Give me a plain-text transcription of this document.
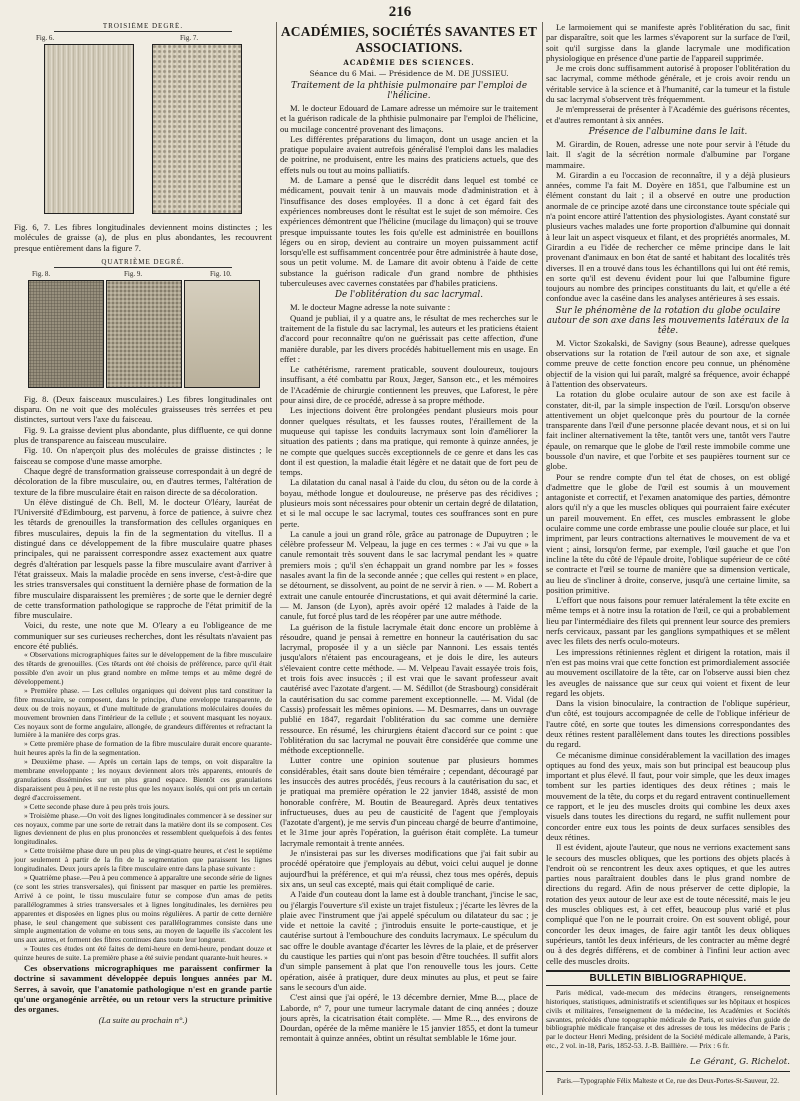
216
TROISIÈME DEGRÉ.
Fig. 6.	Fig. 7.

Fig. 6, 7. Les fibres longitudinales deviennent moins distinctes ; les molécules de graisse (a), de plus en plus abondantes, les recouvrent presque entièrement dans la figure 7.

QUATRIÈME DEGRÉ.
Fig. 8.	Fig. 9.	Fig. 10.

Fig. 8. (Deux faisceaux musculaires.) Les fibres longitudinales ont disparu. On ne voit que des molécules graisseuses très serrées et peu distinctes, surtout vers l'axe du faisceau.

Fig. 9. La graisse devient plus abondante, plus diffluente, ce qui donne plus de transparence au faisceau musculaire.

Fig. 10. On n'aperçoit plus des molécules de graisse distinctes ; le faisceau se compose d'une masse amorphe.

Chaque degré de transformation graisseuse correspondait à un degré de décoloration de la fibre musculaire, ou, en d'autres termes, l'altération de texture de la fibre musculaire était en raison directe de sa décoloration.

Un élève distingué de Ch. Bell, M. le docteur O'léary, lauréat de l'Université d'Edimbourg, est parvenu, à force de patience, à suivre chez les têtards de grenouilles la transformation des cellules organiques en fibres musculaires, depuis la fin de la segmentation du vitellus. Il a distingué dans ce développement de la fibre musculaire quatre phases principales, qui ne paraissent correspondre assez exactement aux quatre degrés d'altération par lesquels passe la fibre musculaire avant d'arriver à l'état graisseux. Mais la maladie procède en sens inverse, c'est-à-dire que les stries transversales qui constituent la dernière phase de formation de la fibre musculaire disparaissent les premières ; de sorte que le dernier degré de cette transformation pathologique se rapproche de l'état primitif de la fibre musculaire.

Voici, du reste, une note que M. O'leary a eu l'obligeance de me communiquer sur ses curieuses recherches, dont les résultats n'avaient pas encore été publiés.

« Observations micrographiques faites sur le développement de la fibre musculaire des têtards de grenouilles. (Ces têtards ont été choisis de préférence, parce qu'il était possible d'en avoir un plus grand nombre en même temps et au même degré de développement.)

» Première phase. — Les cellules organiques qui doivent plus tard constituer la fibre musculaire, se composent, dans le principe, d'une enveloppe transparente, de deux ou de trois noyaux, et d'une multitude de granulations moléculaires douées du mouvement brownien dans l'intérieur de la cellule ; et souvent masquant les noyaux. Ces noyaux sont de forme angulaire, allongée, de grandeurs différentes et refractant la lumière à la manière des corps gras.

» Cette première phase de formation de la fibre musculaire durait encore quarante-huit heures après la fin de la segmentation.

» Deuxième phase. — Après un certain laps de temps, on voit disparaître la membrane enveloppante ; les noyaux deviennent alors très apparents, entourés de granulations disséminées sur un plus grand espace. Bientôt ces granulations disparaissent peu à peu, et il ne reste plus que les noyaux isolés, qui ont pris un certain degré d'accroissement.

» Cette seconde phase dure à peu près trois jours.

» Troisième phase.—On voit des lignes longitudinales commencer à se dessiner sur ces noyaux, comme par une sorte de retrait dans la matière dont ils se composent. Ces lignes deviennent de plus en plus prononcées et ressemblent quelquefois à des fentes longitudinales.

» Cette troisième phase dure un peu plus de vingt-quatre heures, et c'est le septième jour seulement à partir de la fin de la segmentation que paraissent les lignes longitudinales. Deux jours après la fibre musculaire entre dans la phase suivante :

» Quatrième phase.—Peu à peu commence à apparaître une seconde série de lignes (ce sont les stries transversales), qui finissent par masquer en partie les premières. Arrivé à ce point, le tissu musculaire futur se compose d'un amas de petits parallélogrammes à stries transversales et à lignes longitudinales, les dernières peu apparentes et disposées en lignes plus ou moins régulières. A partir de cette dernière phase, le seul changement que subissent ces parallélogrammes consiste dans une simple augmentation de volume en tous sens, au moyen de laquelle ils s'accolent les uns aux autres, et forment des fibres continues dans toute leur longueur.

» Toutes ces études ont été faites de demi-heure en demi-heure, pendant douze et quinze heures de suite. La première phase a été suivie pendant quarante-huit heures. »

Ces observations micrographiques me paraissent confirmer la doctrine si savamment développée depuis longues années par M. Serres, à savoir, que l'anatomie pathologique n'est en grande partie qu'une organogénie arrêtée, ou un retour vers la structure primitive des organes.

(La suite au prochain n°.)

ACADÉMIES, SOCIÉTÉS SAVANTES ET ASSOCIATIONS.
ACADÉMIE DES SCIENCES.
Séance du 6 Mai. — Présidence de M. DE JUSSIEU.
Traitement de la phthisie pulmonaire par l'emploi de l'hélicine.

M. le docteur Edouard de Lamare adresse un mémoire sur le traitement et la guérison radicale de la phthisie pulmonaire par l'emploi de l'hélicine, ou mucilage concentré provenant des limaçons.

Les différentes préparations du limaçon, dont un usage ancien et la pratique populaire avaient autrefois généralisé l'emploi dans les maladies de poitrine, ne produisent, entre les mains des praticiens actuels, que des effets nuls ou tout au moins palliatifs.

M. de Lamare a pensé que le discrédit dans lequel est tombé ce médicament, pouvait tenir à un mauvais mode d'administration et à l'insuffisance des doses employées. Il a donc à cet égard fait des expériences nombreuses dont le résultat est le sujet de son mémoire. Ces expériences démontrent que l'hélicine (mucilage du limaçon) qui se trouve presque impuissante toutes les fois qu'elle est administrée en bouillons légers ou en sirop, devient au contraire un moyen puissamment actif lorsqu'elle est suffisamment concentrée pour être administrée à haute dose, sous un petit volume. M. de Lamare dit avoir obtenu à l'aide de cette substance la guérison radicale d'un grand nombre de phthisies tuberculeuses avec cavernes constatées par d'habiles praticiens.

De l'oblitération du sac lacrymal.

M. le docteur Magne adresse la note suivante :

Quand je publiai, il y a quatre ans, le résultat de mes recherches sur le traitement de la fistule du sac lacrymal, les auteurs et les praticiens étaient d'accord pour reconnaître qu'on ne guérissait pas cette affection, d'une manière durable, par les divers procédés habituellement mis en usage. En effet :

Le cathétérisme, rarement praticable, souvent douloureux, toujours insuffisant, a été combattu par Roux, Jæger, Sanson etc., et les mémoires de l'Académie de chirurgie contiennent les preuves, que Laforest, le père pour ainsi dire, de ce procédé, adresse à sa propre méthode.

Les injections doivent être prolongées pendant plusieurs mois pour donner quelques résultats, et les fausses routes, l'éraillement de la muqueuse qui tapisse les conduits lacrymaux sont loin d'améliorer la situation des patients ; dans ma pratique, qui remonte à quinze années, je ne compte que quelques succès exceptionnels de ce genre et dans les cas dont il est question, la maladie était légère et ne datait que de fort peu de temps.

La dilatation du canal nasal à l'aide du clou, du séton ou de la corde à boyau, méthode longue et douloureuse, ne préserve pas des récidives ; plusieurs mois sont nécessaires pour obtenir un certain degré de dilatation, et si le mal occupe le sac lacrymal, toutes ces souffrances sont en pure perte.

La canule a joui un grand rôle, grâce au patronage de Dupuytren ; le célèbre professeur M. Velpeau, la juge en ces termes : « J'ai vu que » la canule remontait très souvent dans le sac lacrymal pendant les » quatre premiers mois ; qu'il s'en échappait un grand nombre par les » fosses nasales avant la fin de la seconde année ; que celles qui restent » en place, se détournent, se dissolvent, au point de ne servir à rien. » — M. Robert a extrait une canule entourée d'incrustations, et qui avait déterminé la carie. — M. Janson (de Lyon), après avoir opéré 12 malades à l'aide de la canule, fut forcé plus tard de les réopérer par une autre méthode.

La guérison de la fistule lacrymale était donc encore un problème à résoudre, quand je pensai à remettre en honneur la cautérisation du sac lacrymal, proposée il y a un siècle par Nannoni. Les essais tentés jusqu'alors n'étaient pas encourageans, et je dois le dire, les auteurs s'élevaient contre cette méthode. — M. Velpeau l'avait essayée trois fois, et trois fois avec insuccès ; il est vrai que le savant professeur avait cautérisé avec l'azotate d'argent. — M. Sédillot (de Strasbourg) considérait la cautérisation du sac comme parement exceptionnelle. — M. Vidal (de Cassis) professait les mêmes opinions. — M. Desmarres, dans un ouvrage publié en 1847, regardait l'oblitération du sac comme une dernière ressource. En résumé, les chirurgiens étaient d'accord sur ce point : que l'oblitération du sac lacrymal ne pouvait être considérée que comme une méthode exceptionnelle.

Lutter contre une opinion soutenue par plusieurs hommes considérables, était sans doute bien téméraire ; cependant, découragé par les insuccès des autres procédés, j'eus recours à la cautérisation du sac, et je pratiquai ma première opération le 22 janvier 1848, assisté de mon honorable confrère, M. Boutin de Beauregard. Après deux tentatives infructueuses, dues au peu de causticité de l'agent que j'employais (l'azotate d'argent), je me servis d'un pinceau chargé de beurre d'antimoine, et le 31me jour après l'opération, la guérison était complète. La tumeur lacrymale remontait à trente années.

Je n'insisterai pas sur les diverses modifications que j'ai fait subir au procédé opératoire que j'employais au début, voici celui auquel je donne aujourd'hui la préférence, et qui m'a réussi, chez tous mes opérés, depuis six ans, un seul cas excepté, mais qui était compliqué de carie.

A l'aide d'un couteau dont la lame est à double tranchant, j'incise le sac, ou j'élargis l'ouverture s'il existe un trajet fistuleux ; j'écarte les lèvres de la plaie avec l'instrument que j'ai appelé spéculum ou dilatateur du sac ; je vide et nettoie la cavité ; j'introduis ensuite le porte-caustique, et je cautérise surtout à l'embouchure des conduits lacrymaux. Le spéculum du sac offre le double avantage d'écarter les lèvres de la plaie, et de préserver du caustique les parties qui n'ont pas besoin d'être touchées. Il suffit alors d'un simple pansement à plat que l'on renouvelle tous les jours. Cette opération, aisée à pratiquer, dure deux minutes au plus, et peut se faire sans le secours d'un aide.

C'est ainsi que j'ai opéré, le 13 décembre dernier, Mme B..., place de Laborde, n° 7, pour une tumeur lacrymale datant de cinq années ; douze jours après, la cicatrisation était complète. — Mme R..., des environs de Dourdan, opérée de la même manière le 15 janvier 1855, et dont la tumeur remontait à quinze années, obtint un résultat semblable le 16me jour.

Le larmoiement qui se manifeste après l'oblitération du sac, finit par disparaître, soit que les larmes s'évaporent sur la surface de l'œil, soit qu'il surgisse dans la glande lacrymale une modification physiologique en présence d'une partie de l'appareil supprimée.

Je me crois donc suffisamment autorisé à proposer l'oblitération du sac lacrymal, comme méthode générale, et je crois avoir rendu un véritable service à la science et à l'humanité, car la tumeur et la fistule du sac lacrymal s'observent très fréquemment.

Je m'empresserai de présenter à l'Académie des guérisons récentes, et d'autres remontant à six années.

Présence de l'albumine dans le lait.

M. Girardin, de Rouen, adresse une note pour servir à l'étude du lait. Il s'agit de la sécrétion normale d'albumine par l'organe mammaire.

M. Girardin a eu l'occasion de reconnaître, il y a déjà plusieurs années, comme l'a fait M. Doyère en 1851, que l'albumine est un élément constant du lait ; il a observé en outre une production anormale de ce principe azoté dans une circonstance toute spéciale qui n'a point encore attiré l'attention des physiologistes. Ayant constaté sur plusieurs vaches malades une forte proportion d'albumine qui donnait à leur lait un aspect visqueux et filant, et des propriétés anormales, M. Girardin a eu l'idée de rechercher ce même principe dans le lait provenant d'animaux en bon état de santé et habitant des localités très diverses. Il en a trouvé dans tous les échantillons qui lui ont été remis, en sorte qu'il est devenu évident pour lui que l'albumine figure toujours au nombre des principes constituants du lait, et qu'elle a été confondue avec la caséine dans les analyses antérieures à ses essais.

Sur le phénomène de la rotation du globe oculaire autour de son axe dans les mouvements latéraux de la tête.

M. Victor Szokalski, de Savigny (sous Beaune), adresse quelques observations sur la rotation de l'œil autour de son axe, et signale comme preuve de cette fonction encore peu connue, un phénomène objectif de la vision qui lui paraît, malgré sa fréquence, avoir échappé à l'attention des observateurs.

La rotation du globe oculaire autour de son axe est facile à constater, dit-il, par la simple inspection de l'œil. Lorsqu'on observe attentivement un objet quelconque près du pourtour de la cornée transparente dans l'œil d'une personne placée devant nous, et si on lui fait incliner alternativement la tête, tantôt vers une, tantôt vers l'autre épaule, on remarque que le globe de l'œil reste immobile comme une boussole d'un navire, et que l'orbite et ses paupières tournent sur ce globe.

Pour se rendre compte d'un tel état de choses, on est obligé d'admettre que le globe de l'œil est soumis à un mouvement antagoniste et correctif, et l'examen anatomique des parties, démontre alors qu'il n'y a que les muscles obliques qui pourraient faire exécuter un pareil mouvement. En effet, ces muscles embrassent le globe oculaire comme une corde embrasse une poulie clouée sur place, et lui impriment, par leurs contractions alternatives le mouvement de va et vient ; ainsi, lorsqu'on ferme, par exemple, l'œil gauche et que l'on incline la tête du côté de l'épaule droite, l'oblique supérieur de ce côté se contracte et l'œil se tourne de manière que sa dimension verticale, au lieu de s'incliner à droite, conserve, jusqu'à une certaine limite, sa position primitive.

L'effort que nous faisons pour remuer latéralement la tête excite en même temps et à notre insu la rotation de l'œil, ce qui a probablement lieu par l'intermédiaire des filets qui prennent leur source des premiers nerfs cervicaux, passant par les ganglions sympathiques et se mêlent avec les filets des nerfs oculo-moteurs.

Les impressions rétiniennes règlent et dirigent la rotation, mais il n'en est pas moins vrai que cette fonction est primordialement associée au mouvement oscillatoire de la tête, car on l'observe aussi bien chez les aveugles de naissance que sur ceux qui voient et fixent de leur regard les objets.

Dans la vision binoculaire, la contraction de l'oblique supérieur, d'un côté, est toujours accompagnée de celle de l'oblique inférieur de l'autre côté, en sorte que toutes les dimensions correspondantes des deux rétines restent parallèlement dans toutes les directions possibles du regard.

Ce mécanisme diminue considérablement la vacillation des images optiques au fond des yeux, mais son but principal est beaucoup plus important et plus élevé. Il faut, pour voir simple, que les deux images tombent sur les parties identiques des deux rétines ; mais le mouvement de la tête, du corps et du regard entravent continuellement ce rapport, et le jeu des muscles droits qui combine les deux axes visuels dans toutes les directions du regard, ne suffit nullement pour concorder entre eux tous les points de deux surfaces sensibles des deux rétines.

Il est évident, ajoute l'auteur, que nous ne verrions exactement sans le secours des muscles obliques, que les portions des objets placés à l'endroit où se rencontrent les deux axes optiques, et que les autres parties nous paraîtraient doubles dans le plus grand nombre de directions du regard. Afin de nous préserver de cette diplopie, la rotation des yeux autour de leur axe est de toute nécessité, mais le jeu des muscles obliques est, à cet effet, beaucoup plus varié et plus compliqué que l'on ne le pourrait croire. On est souvent obligé, pour concorder les deux images, de faire agir tantôt les deux obliques supérieurs, tantôt les deux inférieurs, de les contracter au même degré ou à des degrés différens, et de combiner à l'infini leur action avec celle des muscles droits.

BULLETIN BIBLIOGRAPHIQUE.

Paris médical, vade-mecum des médecins étrangers, renseignements historiques, statistiques, administratifs et scientifiques sur les hôpitaux et hospices civils et militaires, l'enseignement de la médecine, les Académies et Sociétés savantes, précédés d'une topographie médicale de Paris, et suivies d'un guide de bibliographie médicale française et des adresses de tous les médecins de Paris ; par le docteur Henri Meding, président de la Société médicale allemande, à Paris, etc., 2 vol. in-18, Paris, 1852-53. J.-B. Baillière. — Prix : 6 fr.

Le Gérant, G. Richelot.

Paris.—Typographie Félix Malteste et Ce, rue des Deux-Portes-St-Sauveur, 22.
